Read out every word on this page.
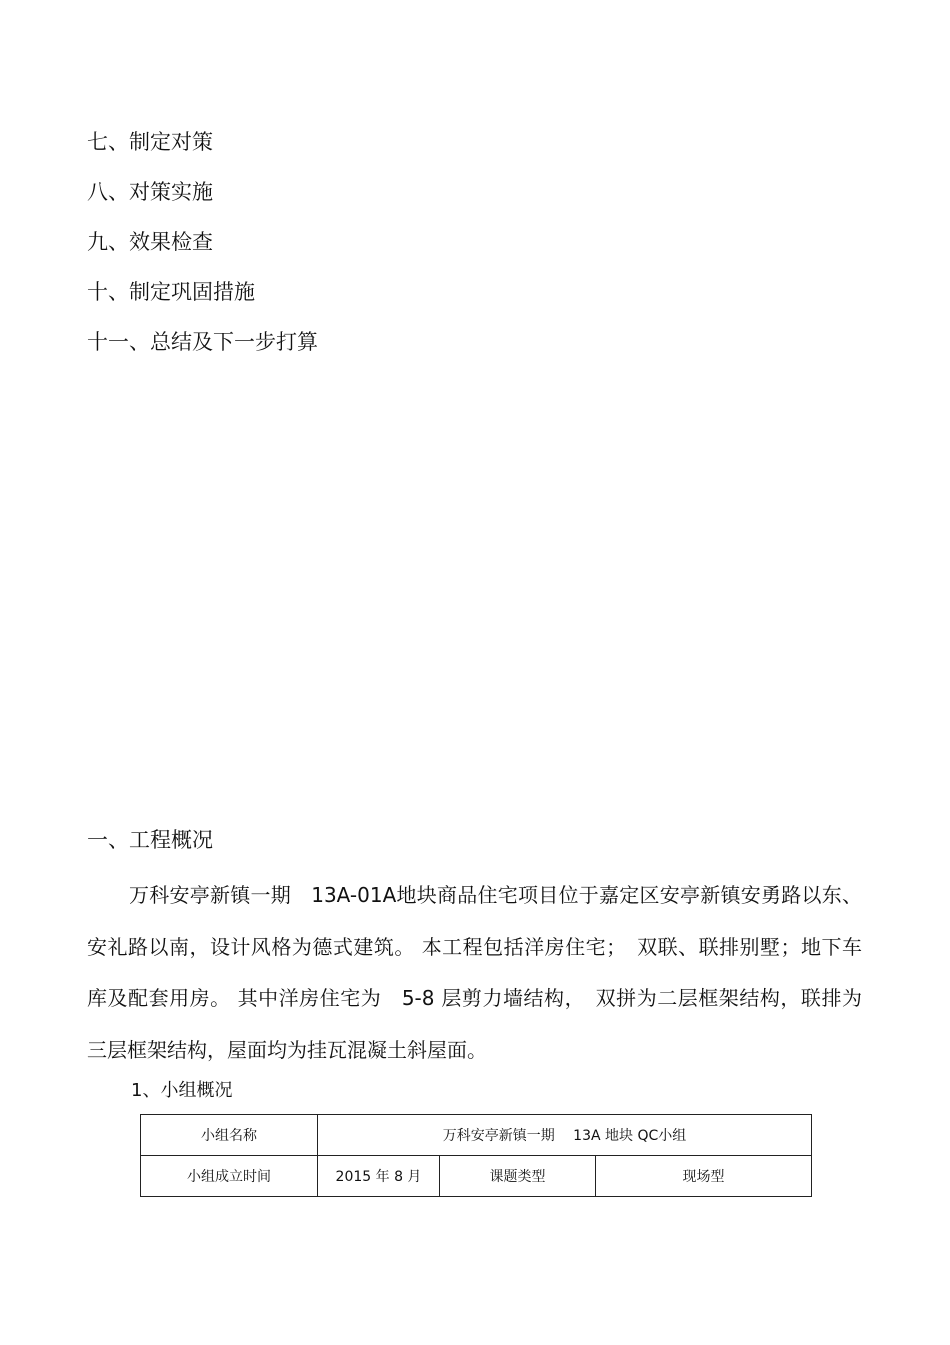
七、制定对策
八、对策实施
九、效果检查
十、制定巩固措施
十一、总结及下一步打算
一、工程概况
万科安亭新镇一期　13A-01A地块商品住宅项目位于嘉定区安亭新镇安勇路以东、安礼路以南，设计风格为德式建筑。 本工程包括洋房住宅；　双联、联排别墅；地下车库及配套用房。 其中洋房住宅为　5-8 层剪力墙结构，　双拼为二层框架结构，联排为三层框架结构，屋面均为挂瓦混凝土斜屋面。
1、小组概况
小组名称	万科安亭新镇一期　 13A 地块 QC小组		
小组成立时间	2015 年 8 月	课题类型	现场型
